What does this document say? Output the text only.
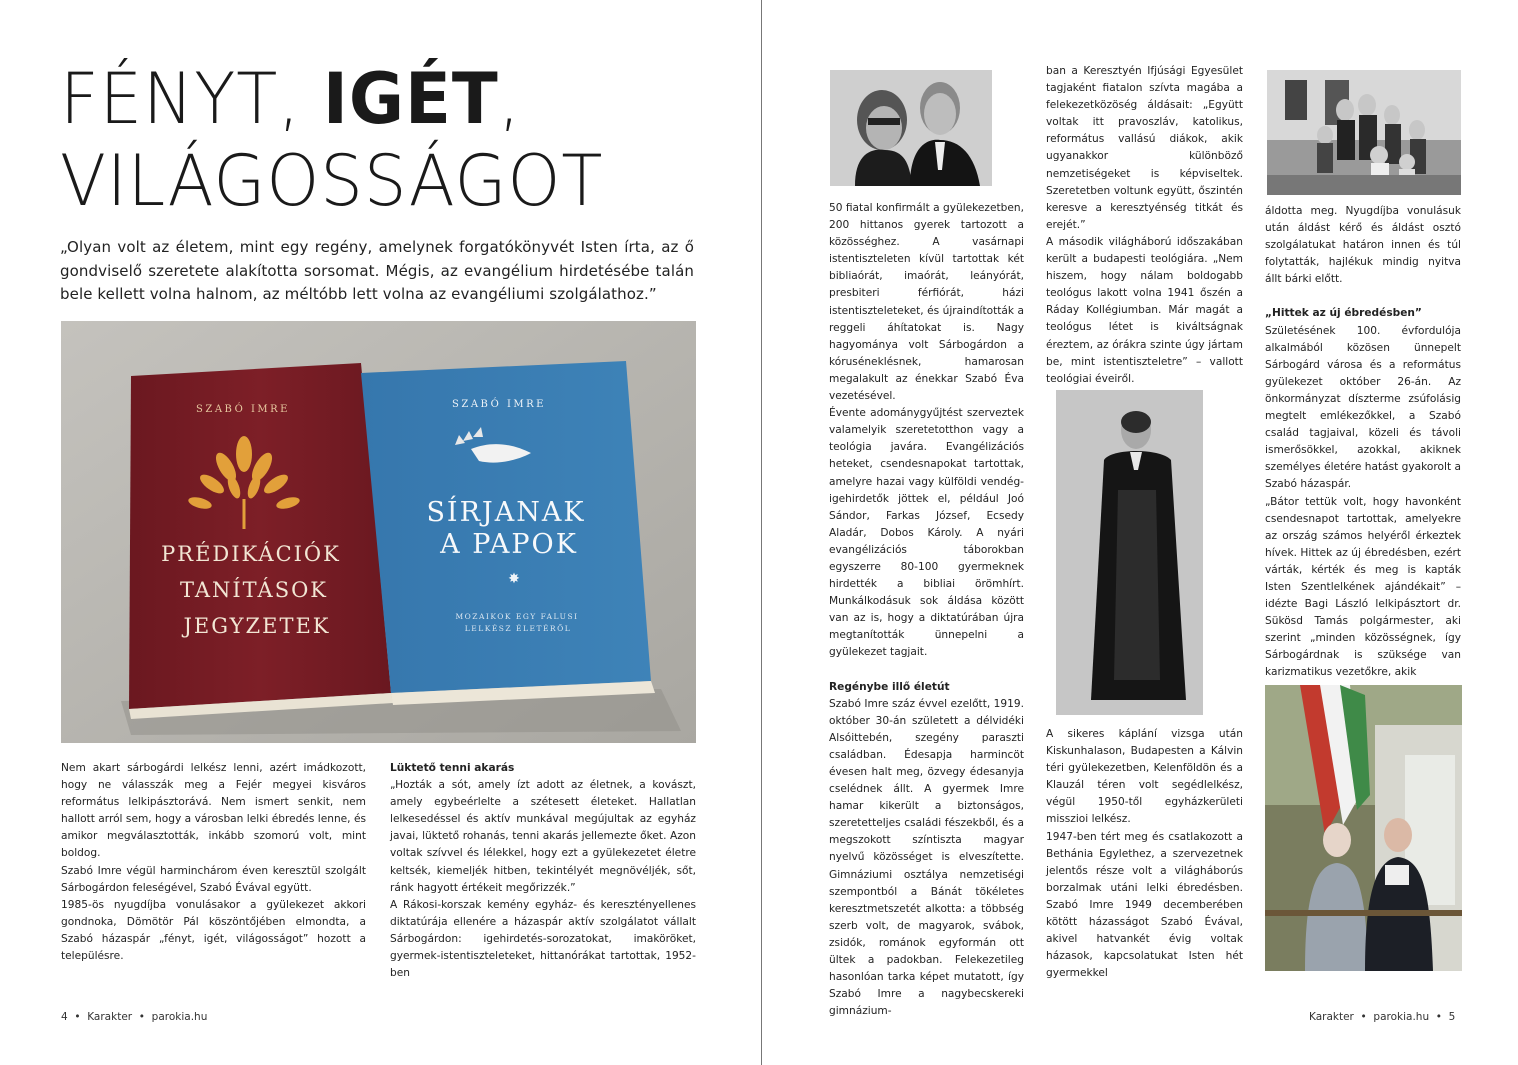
FÉNYT, IGÉT,
VILÁGOSSÁGOT
„Olyan volt az életem, mint egy regény, amelynek forgatókönyvét Isten írta, az ő gondviselő szeretete alakította sorsomat. Mégis, az evangélium hirdetésébe talán bele kellett volna halnom, az méltóbb lett volna az evangéliumi szolgálathoz.”
✸
SZABÓ IMRE
PRÉDIKÁCIÓK
TANÍTÁSOK
JEGYZETEK
SZABÓ IMRE
SÍRJANAK
A PAPOK
MOZAIKOK EGY FALUSI
LELKÉSZ ÉLETÉRŐL

Nem akart sárbogárdi lelkész lenni, azért imádkozott, hogy ne válasszák meg a Fejér megyei kisváros református lelkipásztorává. Nem ismert senkit, nem hallott arról sem, hogy a városban lelki ébredés lenne, és amikor megválasztották, inkább szomorú volt, mint boldog.

Szabó Imre végül harminchárom éven keresztül szolgált Sárbogárdon feleségével, Szabó Évával együtt.

1985-ös nyugdíjba vonulásakor a gyülekezet akkori gondnoka, Dömötör Pál köszöntőjében elmondta, a Szabó házaspár „fényt, igét, világosságot” hozott a településre.

Lüktető tenni akarás

„Hozták a sót, amely ízt adott az életnek, a kovászt, amely egybeérlelte a szétesett életeket. Hallatlan lelkesedéssel és aktív munkával megújultak az egyház javai, lüktető rohanás, tenni akarás jellemezte őket. Azon voltak szívvel és lélekkel, hogy ezt a gyülekezetet életre keltsék, kiemeljék hitben, tekintélyét megnövéljék, sőt, ránk hagyott értékeit megőrizzék.”

A Rákosi-korszak kemény egyház- és keresztényellenes diktatúrája ellenére a házaspár aktív szolgálatot vállalt Sárbogárdon: igehirdetés-sorozatokat, imaköröket, gyermek-istentiszteleteket, hittanórákat tartottak, 1952-ben

50 fiatal konfirmált a gyülekezetben, 200 hittanos gyerek tartozott a közösséghez. A vasárnapi istentiszteleten kívül tartottak két bibliaórát, imaórát, leányórát, presbiteri férfiórát, házi istentiszteleteket, és újraindították a reggeli áhítatokat is. Nagy hagyománya volt Sárbogárdon a kóruséneklésnek, hamarosan megalakult az énekkar Szabó Éva vezetésével.

Évente adománygyűjtést szerveztek valamelyik szeretetotthon vagy a teológia javára. Evangélizációs heteket, csendesnapokat tartottak, amelyre hazai vagy külföldi vendég-igehirdetők jöttek el, például Joó Sándor, Farkas József, Ecsedy Aladár, Dobos Károly. A nyári evangélizációs táborokban egyszerre 80-100 gyermeknek hirdették a bibliai örömhírt. Munkálkodásuk sok áldása között van az is, hogy a diktatúrában újra megtanították ünnepelni a gyülekezet tagjait.

Regénybe illő életút

Szabó Imre száz évvel ezelőtt, 1919. október 30-án született a délvidéki Alsóittebén, szegény paraszti családban. Édesapja harmincöt évesen halt meg, özvegy édesanyja cselédnek állt. A gyermek Imre hamar kikerült a biztonságos, szeretetteljes családi fészekből, és a megszokott színtiszta magyar nyelvű közösséget is elveszítette. Gimnáziumi osztálya nemzetiségi szempontból a Bánát tökéletes keresztmetszetét alkotta: a többség szerb volt, de magyarok, svábok, zsidók, románok egyformán ott ültek a padokban. Felekezetileg hasonlóan tarka képet mutatott, így Szabó Imre a nagybecskereki gimnázium-

ban a Keresztyén Ifjúsági Egyesület tagjaként fiatalon szívta magába a felekezetközöség áldásait: „Együtt voltak itt pravoszláv, katolikus, református vallású diákok, akik ugyanakkor különböző nemzetiségeket is képviseltek. Szeretetben voltunk együtt, őszintén keresve a keresztyénség titkát és erejét.”

A második világháború időszakában került a budapesti teológiára. „Nem hiszem, hogy nálam boldogabb teológus lakott volna 1941 őszén a Ráday Kollégiumban. Már magát a teológus létet is kiváltságnak éreztem, az órákra szinte úgy jártam be, mint istentiszteletre” – vallott teológiai éveiről.

A sikeres káplání vizsga után Kiskunhalason, Budapesten a Kálvin téri gyülekezetben, Kelenföldön és a Klauzál téren volt segédlelkész, végül 1950-től egyházkerületi misszioi lelkész.

1947-ben tért meg és csatlakozott a Bethánia Egylethez, a szervezetnek jelentős része volt a világháborús borzalmak utáni lelki ébredésben. Szabó Imre 1949 decemberében kötött házasságot Szabó Évával, akivel hatvankét évig voltak házasok, kapcsolatukat Isten hét gyermekkel

áldotta meg. Nyugdíjba vonulásuk után áldást kérő és áldást osztó szolgálatukat határon innen és túl folytatták, hajlékuk mindig nyitva állt bárki előtt.

„Hittek az új ébredésben”

Születésének 100. évfordulója alkalmából közösen ünnepelt Sárbogárd városa és a református gyülekezet október 26-án. Az önkormányzat díszterme zsúfolásig megtelt emlékezőkkel, a Szabó család tagjaival, közeli és távoli ismerősökkel, azokkal, akiknek személyes életére hatást gyakorolt a Szabó házaspár.

„Bátor tettük volt, hogy havonként csendesnapot tartottak, amelyekre az ország számos helyéről érkeztek hívek. Hittek az új ébredésben, ezért várták, kérték és meg is kapták Isten Szentlelkének ajándékait” – idézte Bagi László lelkipásztort dr. Sükösd Tamás polgármester, aki szerint „minden közösségnek, így Sárbogárdnak is szüksége van karizmatikus vezetőkre, akik

4  •  Karakter  •  parokia.hu	Karakter  •  parokia.hu  •  5
